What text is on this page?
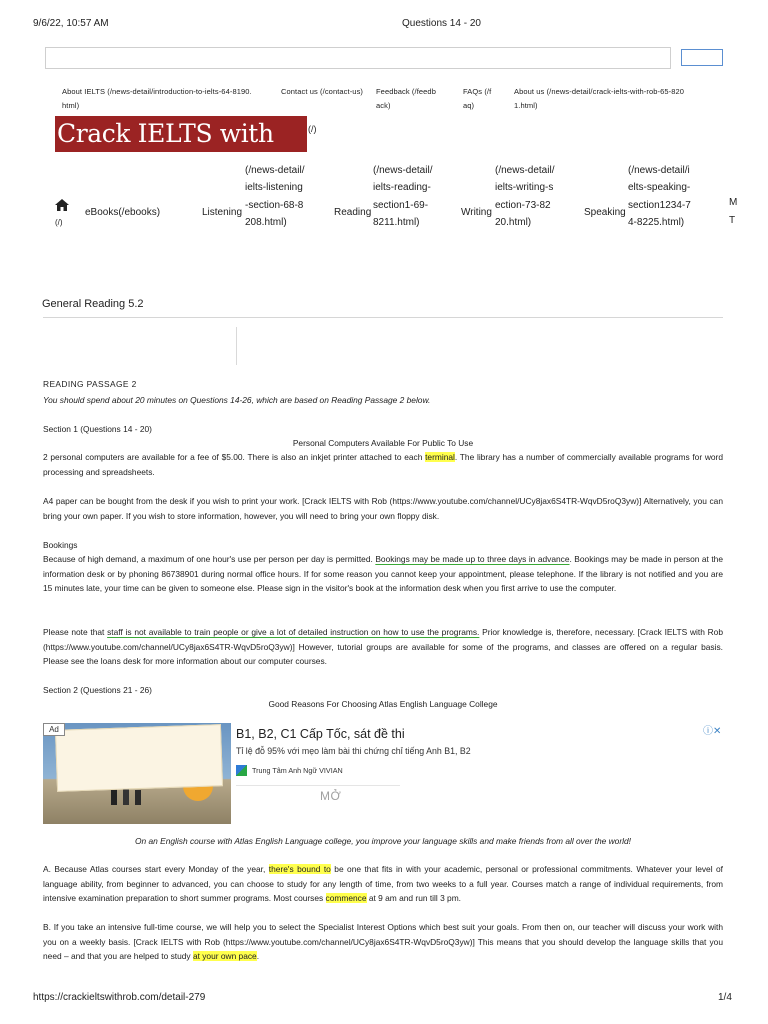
9/6/22, 10:57 AM	Questions 14 - 20
About IELTS (/news-detail/introduction-to-ielts-64-8190.html)
Contact us (/contact-us) Feedback (/feedback)
FAQs (/faq)
About us (/news-detail/crack-ielts-with-rob-65-8201.html)
Crack IELTS with Rob
(/)
(/)
eBooks(/ebooks)	Listening
(/news-detail/ielts-listening-section-68-8208.html)
Reading
(/news-detail/ielts-reading-section1-69-8211.html)
Writing
(/news-detail/ielts-writing-section-73-8220.html)
Speaking
(/news-detail/ielts-speaking-section1234-74-8225.html)
M
T
General Reading 5.2
READING PASSAGE 2
You should spend about 20 minutes on Questions 14-26, which are based on Reading Passage 2 below.
Section 1 (Questions 14 - 20)
Personal Computers Available For Public To Use
2 personal computers are available for a fee of $5.00. There is also an inkjet printer attached to each terminal. The library has a number of commercially available programs for word processing and spreadsheets.
A4 paper can be bought from the desk if you wish to print your work. [Crack IELTS with Rob (https://www.youtube.com/channel/UCy8jax6S4TR-WqvD5roQ3yw)] Alternatively, you can bring your own paper. If you wish to store information, however, you will need to bring your own floppy disk.
Bookings
Because of high demand, a maximum of one hour's use per person per day is permitted. Bookings may be made up to three days in advance. Bookings may be made in person at the information desk or by phoning 86738901 during normal office hours. If for some reason you cannot keep your appointment, please telephone. If the library is not notified and you are 15 minutes late, your time can be given to someone else. Please sign in the visitor's book at the information desk when you first arrive to use the computer.
Please note that staff is not available to train people or give a lot of detailed instruction on how to use the programs. Prior knowledge is, therefore, necessary. [Crack IELTS with Rob (https://www.youtube.com/channel/UCy8jax6S4TR-WqvD5roQ3yw)] However, tutorial groups are available for some of the programs, and classes are offered on a regular basis. Please see the loans desk for more information about our computer courses.
Section 2 (Questions 21 - 26)
Good Reasons For Choosing Atlas English Language College
Ad	B1, B2, C1 Cấp Tốc, sát đề thi
Tỉ lệ đỗ 95% với mẹo làm bài thi chứng chỉ tiếng Anh B1, B2
Trung Tâm Anh Ngữ VIVIAN
MỞ
ⓘ✕
On an English course with Atlas English Language college, you improve your language skills and make friends from all over the world!
A. Because Atlas courses start every Monday of the year, there's bound to be one that fits in with your academic, personal or professional commitments. Whatever your level of language ability, from beginner to advanced, you can choose to study for any length of time, from two weeks to a full year. Courses match a range of individual requirements, from intensive examination preparation to short summer programs. Most courses commence at 9 am and run till 3 pm.
B. If you take an intensive full-time course, we will help you to select the Specialist Interest Options which best suit your goals. From then on, our teacher will discuss your work with you on a weekly basis. [Crack IELTS with Rob (https://www.youtube.com/channel/UCy8jax6S4TR-WqvD5roQ3yw)] This means that you should develop the language skills that you need – and that you are helped to study at your own pace.
https://crackieltswithrob.com/detail-279	1/4
